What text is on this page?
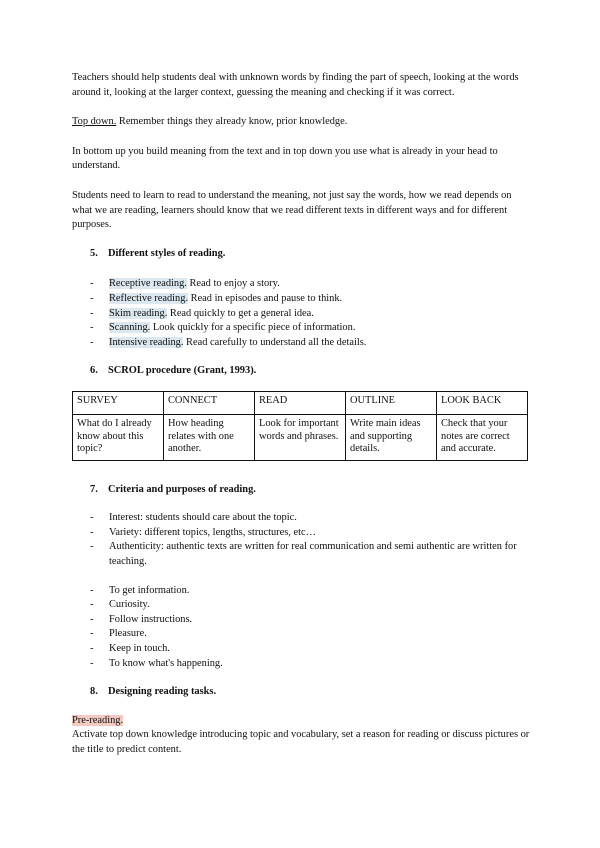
Teachers should help students deal with unknown words by finding the part of speech, looking at the words around it, looking at the larger context, guessing the meaning and checking if it was correct.

Top down. Remember things they already know, prior knowledge.

In bottom up you build meaning from the text and in top down you use what is already in your head to understand.

Students need to learn to read to understand the meaning, not just say the words, how we read depends on what we are reading, learners should know that we read different texts in different ways and for different purposes.

5. Different styles of reading.
- Receptive reading. Read to enjoy a story.
- Reflective reading. Read in episodes and pause to think.
- Skim reading. Read quickly to get a general idea.
- Scanning. Look quickly for a specific piece of information.
- Intensive reading. Read carefully to understand all the details.
6. SCROL procedure (Grant, 1993).
SURVEY	CONNECT	READ	OUTLINE	LOOK BACK
What do I already know about this topic?	How heading relates with one another.	Look for important words and phrases.	Write main ideas and supporting details.	Check that your notes are correct and accurate.
7. Criteria and purposes of reading.
- Interest: students should care about the topic.
- Variety: different topics, lengths, structures, etc…
- Authenticity: authentic texts are written for real communication and semi authentic are written for teaching.
- To get information.
- Curiosity.
- Follow instructions.
- Pleasure.
- Keep in touch.
- To know what's happening.
8. Designing reading tasks.

Pre-reading.

Activate top down knowledge introducing topic and vocabulary, set a reason for reading or discuss pictures or the title to predict content.
